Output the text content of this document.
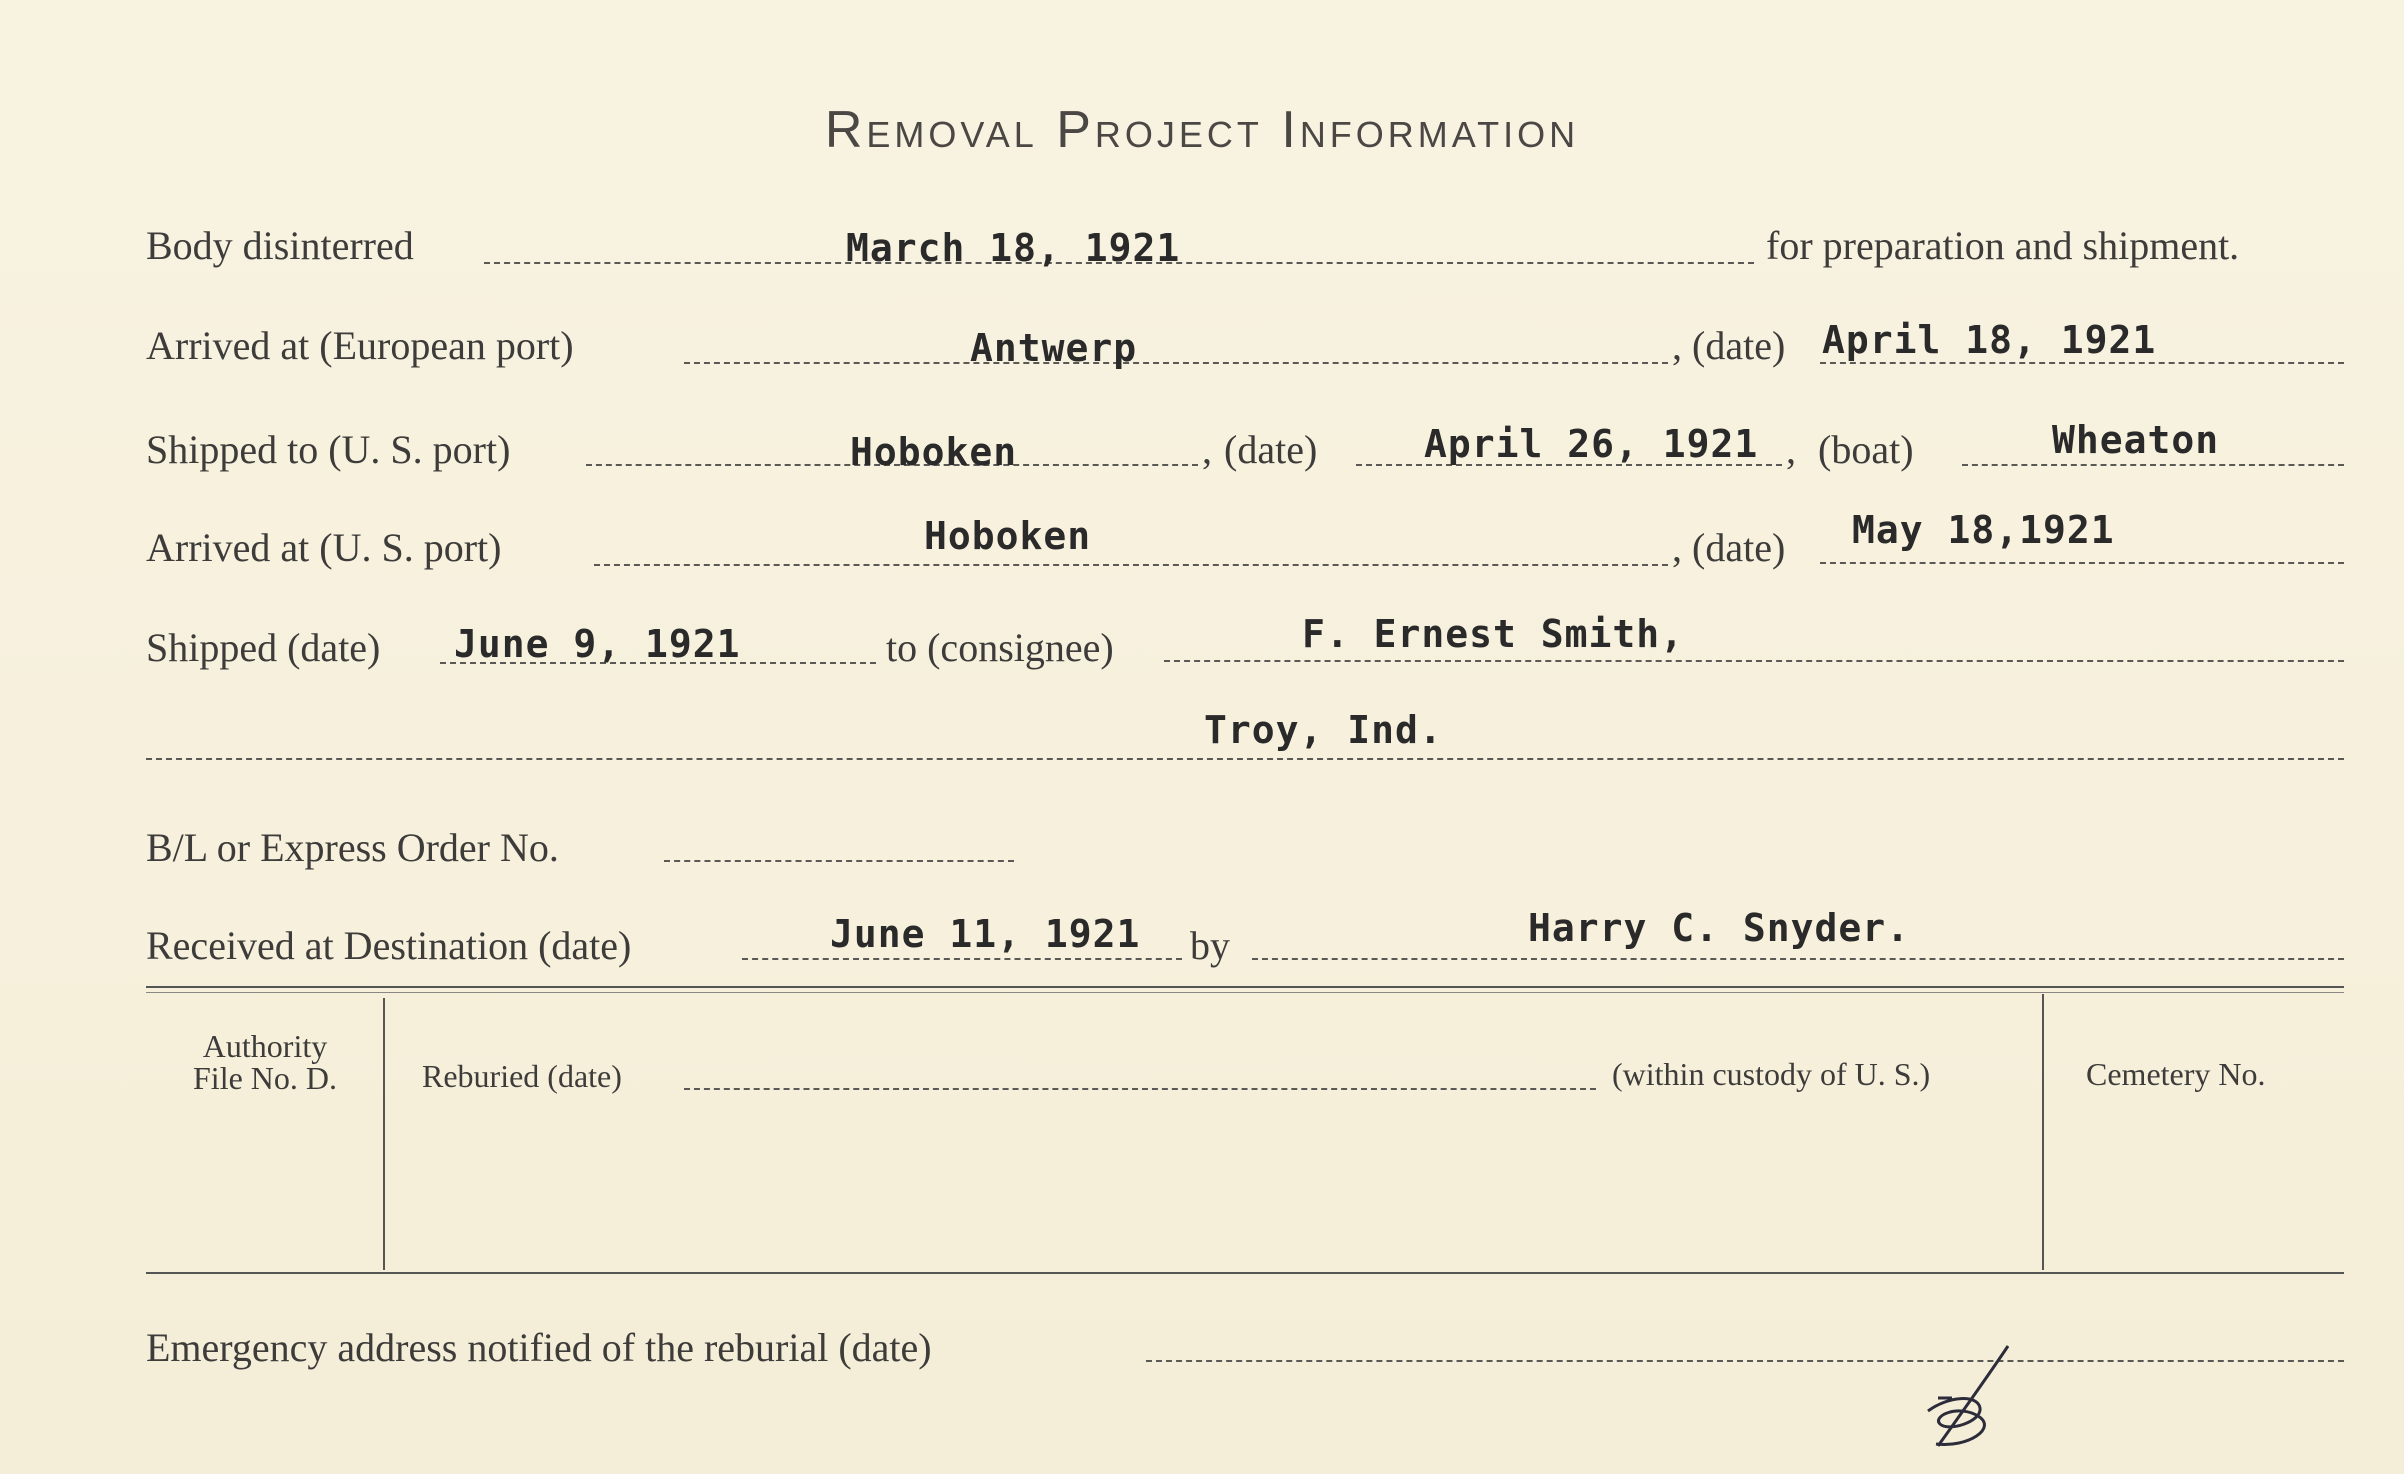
Removal Project Information
Body disinterred	March 18, 1921	for preparation and shipment.
Arrived at (European port)	Antwerp	, (date) April 18, 1921
Shipped to (U. S. port)	Hoboken	, (date)	April 26, 1921 , (boat)	Wheaton
Arrived at (U. S. port)	Hoboken	, (date) May 18,1921
Shipped (date) June 9, 1921	to (consignee)	F. Ernest Smith,
Troy, Ind.
B/L or Express Order No.
Received at Destination (date)	June 11, 1921 by	Harry C. Snyder.
Authority
File No. D.	Reburied (date)	(within custody of U. S.)	Cemetery No.
Emergency address notified of the reburial (date)
